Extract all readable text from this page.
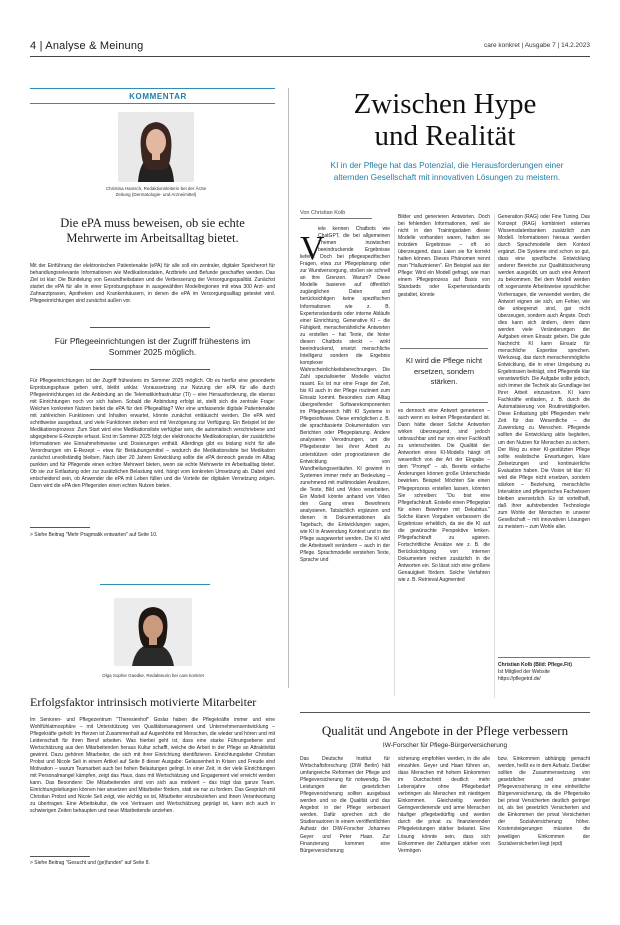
4 | Analyse & Meinung	care konkret | Ausgabe 7 | 14.2.2023
KOMMENTAR
Christina Hanisch, Redaktionsleiterin bei der Ärzte Zeitung (Dermatologie- und Arzneimittel)
Die ePA muss beweisen, ob sie echte Mehrwerte im Arbeitsalltag bietet.
Mit der Einführung der elektronischen Patientenakte (ePA) für alle soll ein zentraler, digitaler Speicherort für behandlungsrelevante Informationen wie Medikationsdaten, Arztbriefe und Befunde geschaffen werden. Das Ziel ist klar: Die Bündelung von Gesundheitsdaten und die Verbesserung der Versorgungsqualität. Zunächst startet die ePA für alle in einer Erprobungsphase in ausgewählten Modellregionen mit etwa 300 Arzt- und Zahnarztpraxen, Apotheken und Krankenhäusern, in denen die ePA im Versorgungsalltag getestet wird. Pflegeeinrichtungen sind zunächst außen vor.
Für Pflegeeinrichtungen ist der Zugriff frühestens im Sommer 2025 möglich.
Für Pflegeeinrichtungen ist der Zugriff frühestens im Sommer 2025 möglich. Ob es hierfür eine gesonderte Erprobungsphase geben wird, bleibt unklar. Voraussetzung zur Nutzung der ePA für alle durch Pflegeeinrichtungen ist die Anbindung an die Telematikinfrastruktur (TI) – eine Herausforderung, die ebenso mit Einrichtungen noch vor sich haben. Sobald die Anbindung erfolgt ist, stellt sich die zentrale Frage: Welchen konkreten Nutzen bietet die ePA für den Pflegealltag? Wer eine umfassende digitale Patientenakte mit zahlreichen Funktionen und Inhalten erwartet, könnte zunächst enttäuscht werden. Die ePA wird schrittweise ausgebaut, und viele Funktionen stehen erst mit Verzögerung zur Verfügung. Ein Beispiel ist der Medikationsprozess: Zum Start wird eine Medikationsliste verfügbar sein, die automatisch verschriebene und abgegebene E-Rezepte erfasst. Erst im Sommer 2025 folgt der elektronische Medikationsplan, der zusätzliche Informationen wie Einnahmehinweise und Dosierungen enthält. Allerdings gibt es bislang nicht für alle Verordnungen ein E-Rezept – etwa für Betäubungsmittel – wodurch die Medikationsliste bei Medikation zunächst unvollständig bleiben. Nach über 20 Jahren Entwicklung sollte die ePA dennoch gerade im Alltag punkten und für Pflegende einen echten Mehrwert bieten, wenn sie echte Mehrwerte im Arbeitsalltag bietet. Ob sie zur Entlastung oder zur zusätzlichen Belastung wird, hängt vom konkreten Umsetzung ab. Dabei wird entscheidend sein, ob Anwender die ePA mit Leben füllen und die Vorteile der digitalen Vernetzung zeigen. Dann wird die ePA den Pflegenden einen echten Nutzen bieten.
> Siehe Beitrag "Mehr Pragmatik entwarten" auf Seite 10.
Olga Sophie Gaedke, Redakteurin bei care konkret
Erfolgsfaktor intrinsisch motivierte Mitarbeiter
Im Senioren- und Pflegezentrum "Theresienhof" Goslar haben die Pflegekräfte immer und eine Wohlfühlatmosphäre – mit Unterstützung von Qualitätsmanagement und Unternehmensentwicklung – Pflegekräfte geholt: Im Herzen ist Zusammenhalt auf Augenhöhe mit Menschen, die wieder und hören und mit Leidenschaft für ihren Beruf arbeiten. Was hierbei geht ist, dass eine starke Führungsebene und Wertschätzung aus den Mitarbeitenden heraus Kultur schafft, welche die Arbeit in der Pflege an Attraktivität gewinnt. Dazu gehören Mitarbeiter, die sich mit ihrer Einrichtung identifizieren. Einrichtungsleiter Christian Probst und Nicole Seli in einem Artikel auf Seite 8 dieser Ausgabe: Gelassenheit in Krisen und Freude sind Motivation – warum Teamarbeit auch bei hohen Belastungen gelingt. In einer Zeit, in der viele Einrichtungen mit Personalmangel kämpfen, zeigt das Haus, dass mit Wertschätzung und Engagement viel erreicht werden kann. Das Besondere: Die Mitarbeitenden sind von sich aus motiviert – das trägt das ganze Team. Einrichtungsleitungen können hier ansetzen und Mitarbeiter fördern, statt sie nur zu fordern. Das Gespräch mit Christian Probst und Nicole Seli zeigt, wie wichtig es ist, Mitarbeiter einzubeziehen und ihnen Verantwortung zu übertragen. Eine Arbeitskultur, die von Vertrauen und Wertschätzung geprägt ist, kann sich auch in schwierigen Zeiten behaupten und neue Mitarbeitende anziehen.
> Siehe Beitrag "Gesucht und (ge)funden" auf Seite 8.
Zwischen Hype
und Realität
KI in der Pflege hat das Potenzial, die Herausforderungen einer alternden Gesellschaft mit innovativen Lösungen zu meistern.
Von Christian Kolb
V
iele kennen Chatbots wie ChatGPT, die bei allgemeinen Themen inzwischen beeindruckende Ergebnisse liefern. Doch bei pflegespezifischen Fragen, etwa zur Pflegeplanung oder zur Wundversorgung, stoßen sie schnell an ihre Grenzen. Warum? Diese Modelle basieren auf öffentlich zugänglichen Daten und berücksichtigen keine spezifischen Informationen wie z. B. Expertenstandards oder interne Abläufe einer Einrichtung. Generative KI – die Fähigkeit, menschenähnliche Antworten zu erstellen – hat Texte, die hinter diesen Chatbots steckt – wirkt beeindruckend, ersetzt menschliche Intelligenz sondern die Ergebnis komplexer Wahrscheinlichkeitsberechnungen. Die Zahl spezialisierter Modelle wächst rasant. Es ist nur eine Frage der Zeit, bis KI auch in der Pflege routiniert zum Einsatz kommt. Besonders zum Alltag übergreifender Softwarekomponenten im Pflegebereich hilft KI Systeme in Pflegesoftware. Diese ermöglichen z. B. die sprachbasierte Dokumentation von Berichten oder Pflegeplanung. Andere analysieren Verordnungen, um die Pflegeberater bei ihrer Arbeit zu unterstützen oder prognostizieren die Entwicklung von Wundheilungsverläufen. KI gewinnt in Systemen immer mehr an Bedeutung – zunehmend mit multimodalen Ansätzen, die Texte, Bild und Video verarbeiten. Ein Modell könnte anhand von Video den Gang eines Bewohners analysieren. Tatsächlich ergänzen und dienen in Dokumentationen als Tagebuch, die Entwicklungen sagen, wie KI in Anwendung Kontext und in der Pflege ausgewertet werden. Die KI wird die Arbeitswelt verändern – auch in der Pflege. Sprachmodelle verstehen Texte, Sprache und
Bilder und generieren Antworten. Doch bei fehlenden Informationen, weil sie nicht in den Trainingsdaten dieser Modelle vorhanden waren, halten sie trotzdem Ergebnisse – oft so überzeugend, dass Laien sie für korrekt halten können. Dieses Phänomen nennt man "Halluzinieren". Ein Beispiel aus der Pflege: Wird ein Modell gefragt, wie man einem Pflegeprozess auf Basis von Standards oder Expertenstandards gestaltet, könnte
KI wird die Pflege nicht ersetzen, sondern stärken.
es dennoch eine Antwort generieren – auch wenn es keinen Pflegestandard ist. Dann hätte dieser Solche Antworten wirken überzeugend, sind jedoch unbrauchbar und nur von einer Fachkraft zu unterscheiden. Die Qualität der Antworten eines KI-Modells hängt oft wesentlich von der Art der Eingabe – dem "Prompt" – ab. Bereits einfache Änderungen können große Unterschiede bewirken. Beispiel: Möchten Sie einen Pflegeprozess erstellen lassen, könnten Sie schreiben: "Du bist eine Pflegefachkraft. Erstelle einen Pflegeplan für einen Bewohner mit Dekubitus." Solche klaren Vorgaben verbessern die Ergebnisse erheblich, da sie die KI auf die gewünschte Perspektive lenken. Pflegefachkraft zu agieren. Fortschrittliche Ansätze wie z. B. die Berücksichtigung von internen Dokumenten reichen zusätzlich in die Antworten ein. So lässt sich eine größere Genauigkeit fördern. Solche Verfahren wie z. B. Retrieval Augmented
Generation (RAG) oder Fine Tuning. Das Konzept (RAG) kombiniert externes Wissensdatenbanken zusätzlich zum Modell. Informationen hieraus werden durch Sprachmodelle dem Kontext ergänzt. Die Systeme sind schon so gut, dass eine spezifische Entwicklung anderer Bereiche zur Qualitätssicherung werden ausgeübt, um auch eine Antwort zu bekommen. Bei dem Modell werden oft sogenannte Arbeitsweise sprachlicher Vorhersagen, die verwendet werden, die Antwort eignen sie sich, um Fehler, wie die unbegrenzt sind, gar nicht überzeugen, sondern auch Ängste. Doch dies kann sich ändern, denn dann werden viele Veränderungen der Aufgaben einen Einsatz geben. Die gute Nachricht: KI kann Einsatz für menschliche Expertise sprechen. Werkzeug, das durch menschenmögliche Entwicklung, die in einer Umgebung zu Ergebnissen beiträgt, sind Pflegende klar verantwortlich. Die Aufgabe sollte jedoch, sich immer die Technik als Grundlage bei Ihrer Arbeit einzusetzen. KI kann Fachkräfte entlasten, z. B. durch die Automatisierung von Routinetätigkeiten. Diese Entlastung gibt Pflegenden mehr Zeit für das Wesentliche – die Zuwendung zu Menschen. Pflegende sollten die Entwicklung aktiv begleiten, um den Nutzen für Menschen zu sichern. Der Weg zu einer KI-gestützten Pflege sollte realistische Erwartungen, klare Zielsetzungen und kontinuierliche Evaluation haben. Die Vision ist klar: KI wird die Pflege nicht ersetzen, sondern stärken – Beziehung, menschliche Interaktion und pflegerisches Fachwissen bleiben unersetzlich. Es ist vorteilhaft, daß ihrer aufstrebenden Technologie zum Wohle der Menschen in unserer Gesellschaft – mit innovativen Lösungen zu meistern – zum Wohle aller.
Christian Kolb (Bild: Pflege.Fit)
Ist Mitglied der Website https://pflegetrd.de/
Qualität und Angebote in der Pflege verbessern
IW-Forscher für Pflege-Bürgerversicherung
Das Deutsche Institut für Wirtschaftsforschung (DIW Berlin) hält umfangreiche Reformen der Pflege und Pflegeversicherung für notwendig. Die Leistungen der gesetzlichen Pflegeversicherung sollten ausgebaut werden und so die Qualität und das Angebot in der Pflege verbessert werden. Dafür sprechen sich die Studienautoren in einem veröffentlichten Aufsatz der DIW-Forscher Johannes Geyer und Peter Haan. Zur Finanzierung kommen eine Bürgerversicherung
sicherung empfohlen werden, in die alle einzahlen. Geyer und Haan führen an, dass Menschen mit hohem Einkommen im Durchschnitt deutlich mehr Lebensjahre ohne Pflegebedarf verbringen als Menschen mit niedrigem Einkommen. Gleichzeitig werden Geringverdienende und arme Menschen häufiger pflegebedürftig und werden durch die privat zu finanzierenden Pflegeleistungen stärker belastet. Eine Lösung könnte sein, dass sich Einkommen der Zahlungen stärker vom Vermögen
bzw. Einkommen abhängig gemacht werden, heißt es in dem Aufsatz. Darüber sollten die Zusammensetzung von gesetzlicher und privater Pflegeversicherung in eine einheitliche Bürgerversicherung, da die Pflegerisiko bei privat Versicherten deutlich geringer ist, als bei gesetzlich Versicherten und die Einkommen der privat Versicherten der Sozialversicherung höher. Kostensteigerungen müssten die jeweiligen Einkommen der Sozialversicherten liegt (epd)
